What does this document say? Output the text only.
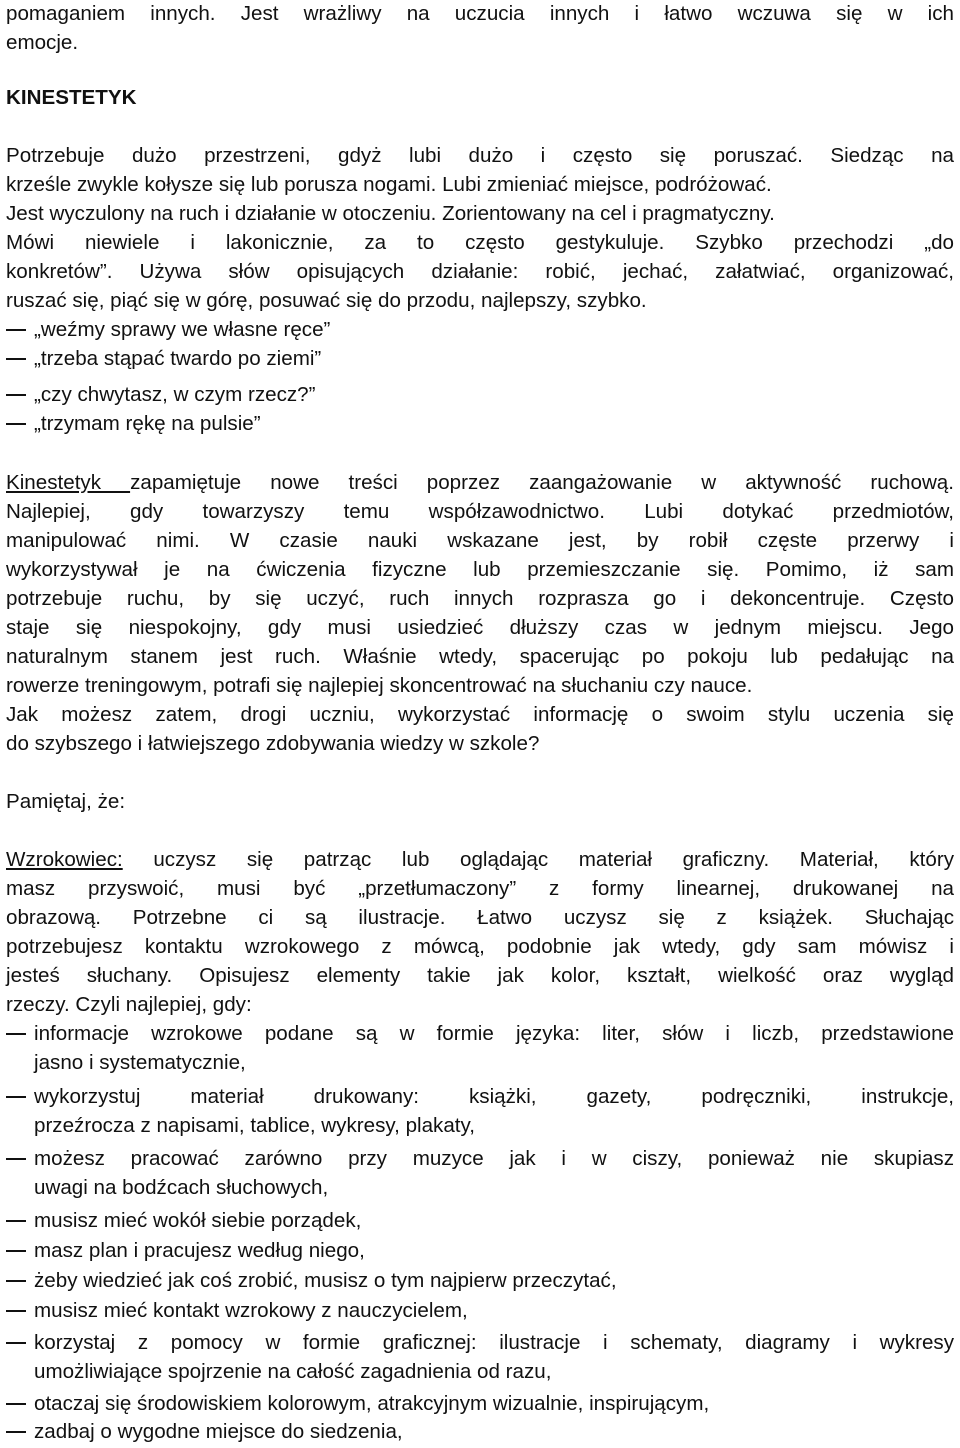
pomaganiem innych. Jest wrażliwy na uczucia innych i łatwo wczuwa się w ich
emocje.
KINESTETYK
Potrzebuje dużo przestrzeni, gdyż lubi dużo i często się poruszać. Siedząc na
krześle zwykle kołysze się lub porusza nogami. Lubi zmieniać miejsce, podróżować.
Jest wyczulony na ruch i działanie w otoczeniu. Zorientowany na cel i pragmatyczny.
Mówi niewiele i lakonicznie, za to często gestykuluje. Szybko przechodzi „do
konkretów”. Używa słów opisujących działanie: robić, jechać, załatwiać, organizować,
ruszać się, piąć się w górę, posuwać się do przodu, najlepszy, szybko.
„weźmy sprawy we własne ręce”
„trzeba stąpać twardo po ziemi”
„czy chwytasz, w czym rzecz?”
„trzymam rękę na pulsie”
Kinestetyk zapamiętuje nowe treści poprzez zaangażowanie w aktywność ruchową.
Najlepiej, gdy towarzyszy temu współzawodnictwo. Lubi dotykać przedmiotów,
manipulować nimi. W czasie nauki wskazane jest, by robił częste przerwy i
wykorzystywał je na ćwiczenia fizyczne lub przemieszczanie się. Pomimo, iż sam
potrzebuje ruchu, by się uczyć, ruch innych rozprasza go i dekoncentruje. Często
staje się niespokojny, gdy musi usiedzieć dłuższy czas w jednym miejscu. Jego
naturalnym stanem jest ruch. Właśnie wtedy, spacerując po pokoju lub pedałując na
rowerze treningowym, potrafi się najlepiej skoncentrować na słuchaniu czy nauce.
Jak możesz zatem, drogi uczniu, wykorzystać informację o swoim stylu uczenia się
do szybszego i łatwiejszego zdobywania wiedzy w szkole?
Pamiętaj, że:
Wzrokowiec: uczysz się patrząc lub oglądając materiał graficzny. Materiał, który
masz przyswoić, musi być „przetłumaczony” z formy linearnej, drukowanej na
obrazową. Potrzebne ci są ilustracje. Łatwo uczysz się z książek. Słuchając
potrzebujesz kontaktu wzrokowego z mówcą, podobnie jak wtedy, gdy sam mówisz i
jesteś słuchany. Opisujesz elementy takie jak kolor, kształt, wielkość oraz wygląd
rzeczy. Czyli najlepiej, gdy:
informacje wzrokowe podane są w formie języka: liter, słów i liczb, przedstawione
jasno i systematycznie,
wykorzystuj materiał drukowany: książki, gazety, podręczniki, instrukcje,
przeźrocza z napisami, tablice, wykresy, plakaty,
możesz pracować zarówno przy muzyce jak i w ciszy, ponieważ nie skupiasz
uwagi na bodźcach słuchowych,
musisz mieć wokół siebie porządek,
masz plan i pracujesz według niego,
żeby wiedzieć jak coś zrobić, musisz o tym najpierw przeczytać,
musisz mieć kontakt wzrokowy z nauczycielem,
korzystaj z pomocy w formie graficznej: ilustracje i schematy, diagramy i wykresy
umożliwiające spojrzenie na całość zagadnienia od razu,
otaczaj się środowiskiem kolorowym, atrakcyjnym wizualnie, inspirującym,
zadbaj o wygodne miejsce do siedzenia,
